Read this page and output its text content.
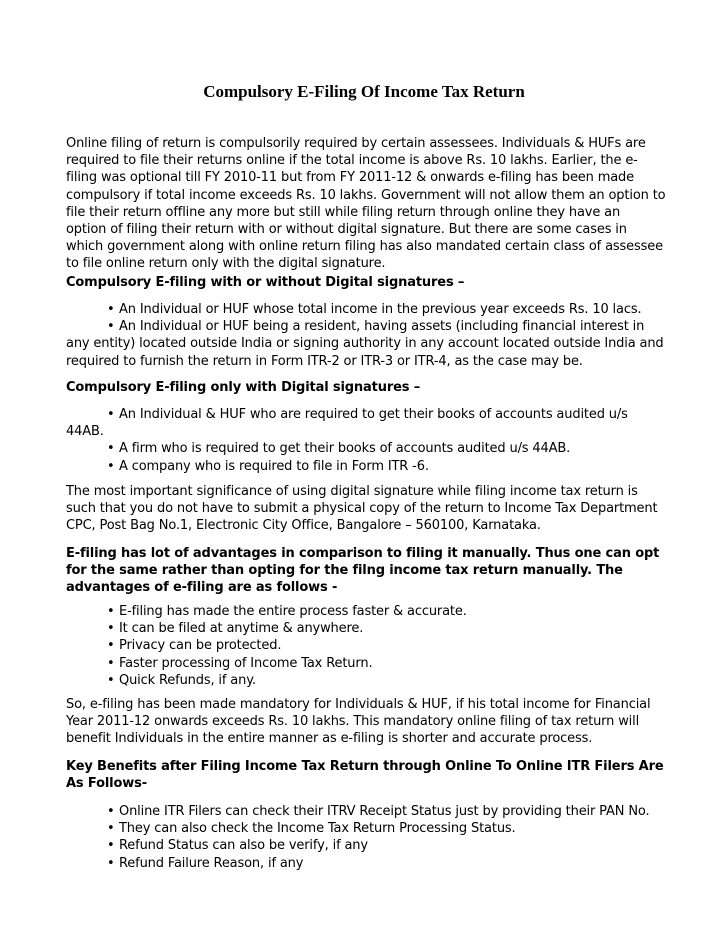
Compulsory E-Filing Of Income Tax Return
Online filing of return is compulsorily required by certain assessees. Individuals & HUFs are
required to file their returns online if the total income is above Rs. 10 lakhs. Earlier, the e-
filing was optional till FY 2010-11 but from FY 2011-12 & onwards e-filing has been made
compulsory if total income exceeds Rs. 10 lakhs. Government will not allow them an option to
file their return offline any more but still while filing return through online they have an
option of filing their return with or without digital signature. But there are some cases in
which government along with online return filing has also mandated certain class of assessee
to file online return only with the digital signature.
Compulsory E-filing with or without Digital signatures –
• An Individual or HUF whose total income in the previous year exceeds Rs. 10 lacs.
• An Individual or HUF being a resident, having assets (including financial interest in
any entity) located outside India or signing authority in any account located outside India and
required to furnish the return in Form ITR-2 or ITR-3 or ITR-4, as the case may be.
Compulsory E-filing only with Digital signatures –
• An Individual & HUF who are required to get their books of accounts audited u/s
44AB.
• A firm who is required to get their books of accounts audited u/s 44AB.
• A company who is required to file in Form ITR -6.
The most important significance of using digital signature while filing income tax return is
such that you do not have to submit a physical copy of the return to Income Tax Department
CPC, Post Bag No.1, Electronic City Office, Bangalore – 560100, Karnataka.
E-filing has lot of advantages in comparison to filing it manually. Thus one can opt
for the same rather than opting for the filng income tax return manually. The
advantages of e-filing are as follows -
• E-filing has made the entire process faster & accurate.
• It can be filed at anytime & anywhere.
• Privacy can be protected.
• Faster processing of Income Tax Return.
• Quick Refunds, if any.
So, e-filing has been made mandatory for Individuals & HUF, if his total income for Financial
Year 2011-12 onwards exceeds Rs. 10 lakhs. This mandatory online filing of tax return will
benefit Individuals in the entire manner as e-filing is shorter and accurate process.
Key Benefits after Filing Income Tax Return through Online To Online ITR Filers Are
As Follows-
• Online ITR Filers can check their ITRV Receipt Status just by providing their PAN No.
• They can also check the Income Tax Return Processing Status.
• Refund Status can also be verify, if any
• Refund Failure Reason, if any
